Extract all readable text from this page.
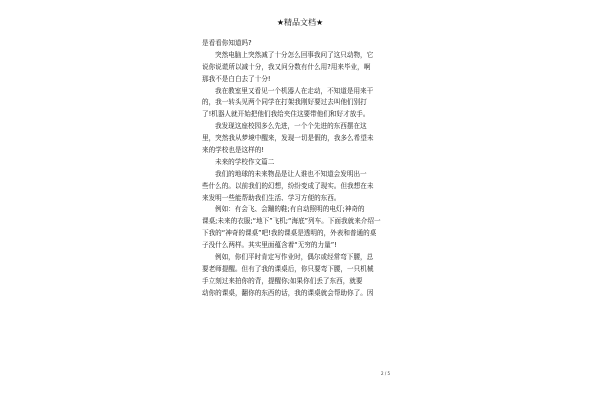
★精品文档★
是看看你知道吗?
突然电脑上突然减了十分怎么回事我问了这只动物，它
说你说谎所以减十分，我又问分数有什么用?用来毕业，啊
那我不是白白去了十分!
我在教室里又看见一个机器人在走动，不知道是用来干
的，我一转头见两个同学在打架我刚好要过去叫他们别打
了!机器人就开始把他们我给夹住这要带他们和好才放手。
我发现这座校园多么先进，一个个先进的东西摆在这
里，突然我从梦境中醒来，发现一切是假的，我多么希望未
来的学校也是这样的!
未来的学校作文篇二
我们的地球的未来物品是让人谁也不知道会发明出一
些什么的。以前我们的幻想，纷纷变成了现实。但我想在未
来发明一些能帮助我们生活、学习方便的东西。
例如：有会飞、会蹦的鞋;有自动照明的电灯;神奇的
课桌;未来的衣服;“地下”飞机;“海底”列车。下面我就来介绍一
下我的“神奇的课桌”吧!我的课桌是透明的，外表和普通的桌
子没什么两样。其实里面蕴含着“无穷的力量”!
例如，你们平时肯定写作业时，偶尔或经常弯下腰，总
要老师提醒。但有了我的课桌后，你只要弯下腰，一只机械
手立刻过来拍你的背，提醒你;如果你们丢了东西，就要
动你的课桌，翻你的东西的话，我的课桌就会帮助你了。因
2 / 5
